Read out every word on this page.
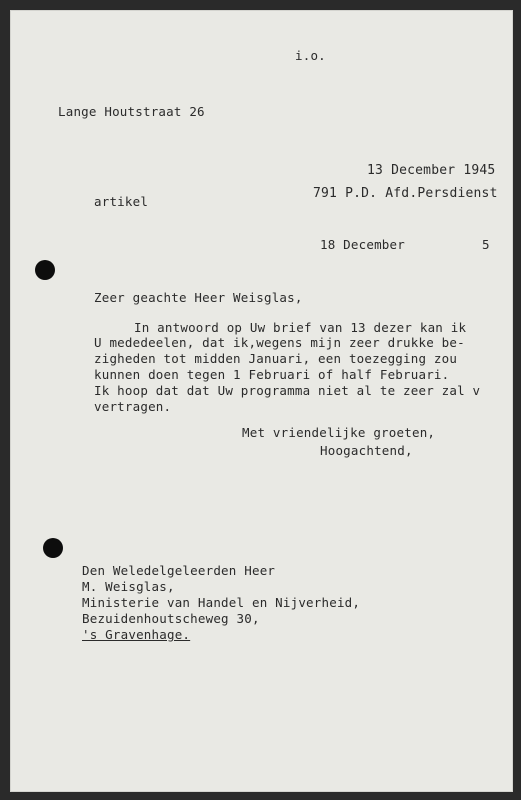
i.o.
Lange Houtstraat 26
13 December 1945
artikel
791 P.D. Afd.Persdienst
18 December	5
Zeer geachte Heer Weisglas,
In antwoord op Uw brief van 13 dezer kan ik
U mededeelen, dat ik,wegens mijn zeer drukke be-
zigheden tot midden Januari, een toezegging zou
kunnen doen tegen 1 Februari of half Februari.
Ik hoop dat dat Uw programma niet al te zeer zal v
vertragen.
Met vriendelijke groeten,
Hoogachtend,
Den Weledelgeleerden Heer
M. Weisglas,
Ministerie van Handel en Nijverheid,
Bezuidenhoutscheweg 30,
's Gravenhage.
